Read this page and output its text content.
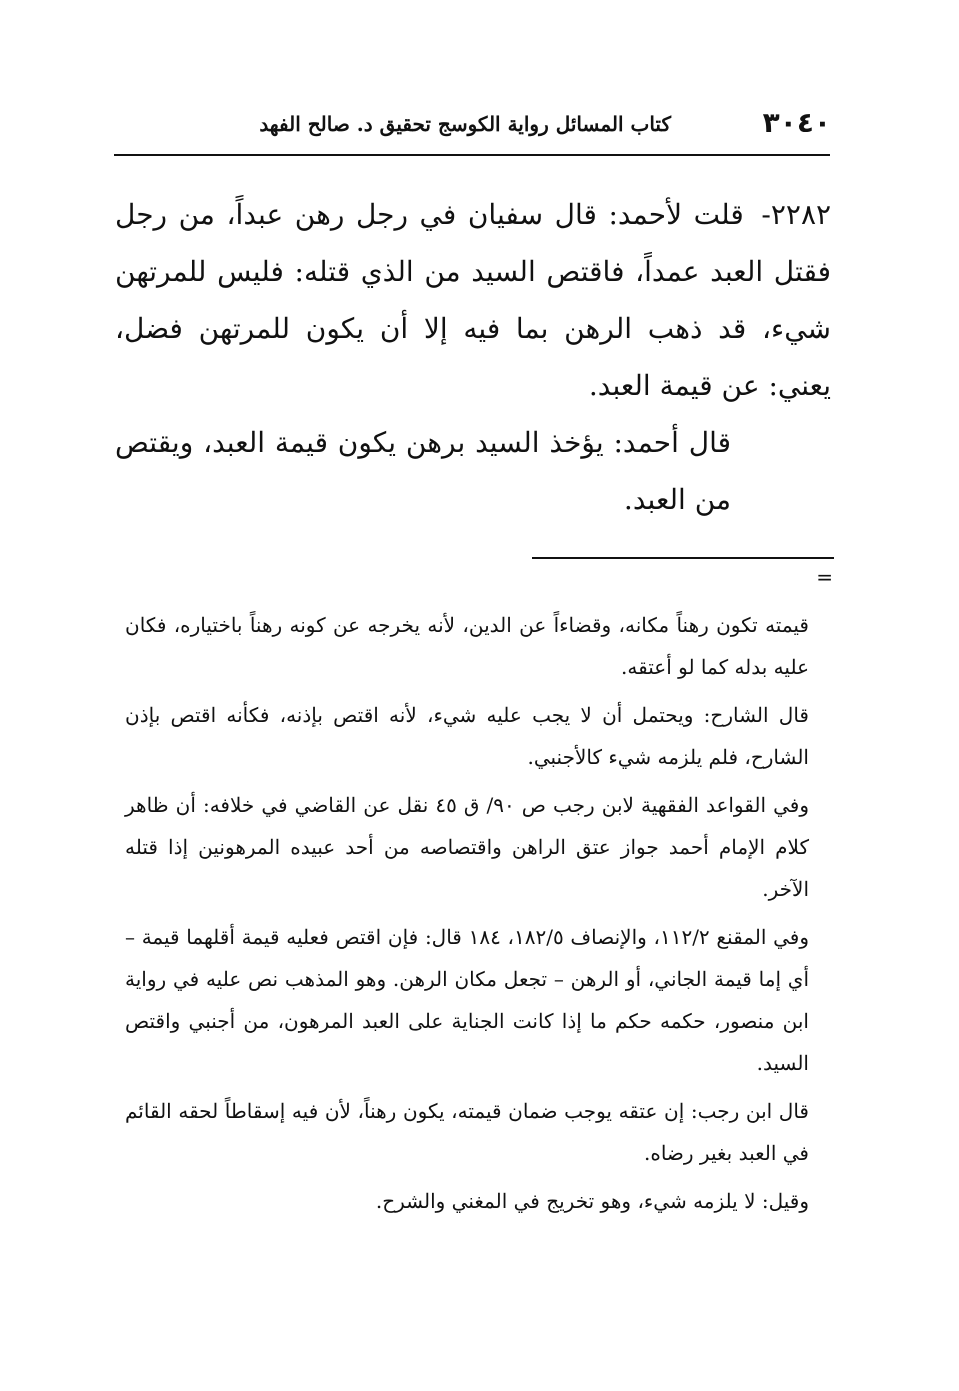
٣٠٤٠
كتاب المسائل رواية الكوسج تحقيق د. صالح الفهد

٢٢٨٢- قلت لأحمد: قال سفيان في رجل رهن عبداً، من رجل فقتل العبد عمداً، فاقتص السيد من الذي قتله: فليس للمرتهن شيء، قد ذهب الرهن بما فيه إلا أن يكون للمرتهن فضل، يعني: عن قيمة العبد.

قال أحمد: يؤخذ السيد برهن يكون قيمة العبد، ويقتص من العبد.

=

قيمته تكون رهناً مكانه، وقضاءاً عن الدين، لأنه يخرجه عن كونه رهناً باختياره، فكان عليه بدله كما لو أعتقه.

قال الشارح: ويحتمل أن لا يجب عليه شيء، لأنه اقتص بإذنه، فكأنه اقتص بإذن الشارح، فلم يلزمه شيء كالأجنبي.

وفي القواعد الفقهية لابن رجب ص ٩٠/ ق ٤٥ نقل عن القاضي في خلافه: أن ظاهر كلام الإمام أحمد جواز عتق الراهن واقتصاصه من أحد عبيده المرهونين إذا قتله الآخر.

وفي المقنع ١١٢/٢، والإنصاف ١٨٢/٥، ١٨٤ قال: فإن اقتص فعليه قيمة أقلهما قيمة – أي إما قيمة الجاني، أو الرهن – تجعل مكان الرهن. وهو المذهب نص عليه في رواية ابن منصور، حكمه حكم ما إذا كانت الجناية على العبد المرهون، من أجنبي واقتص السيد.

قال ابن رجب: إن عتقه يوجب ضمان قيمته، يكون رهناً، لأن فيه إسقاطاً لحقه القائم في العبد بغير رضاه.

وقيل: لا يلزمه شيء، وهو تخريج في المغني والشرح.
